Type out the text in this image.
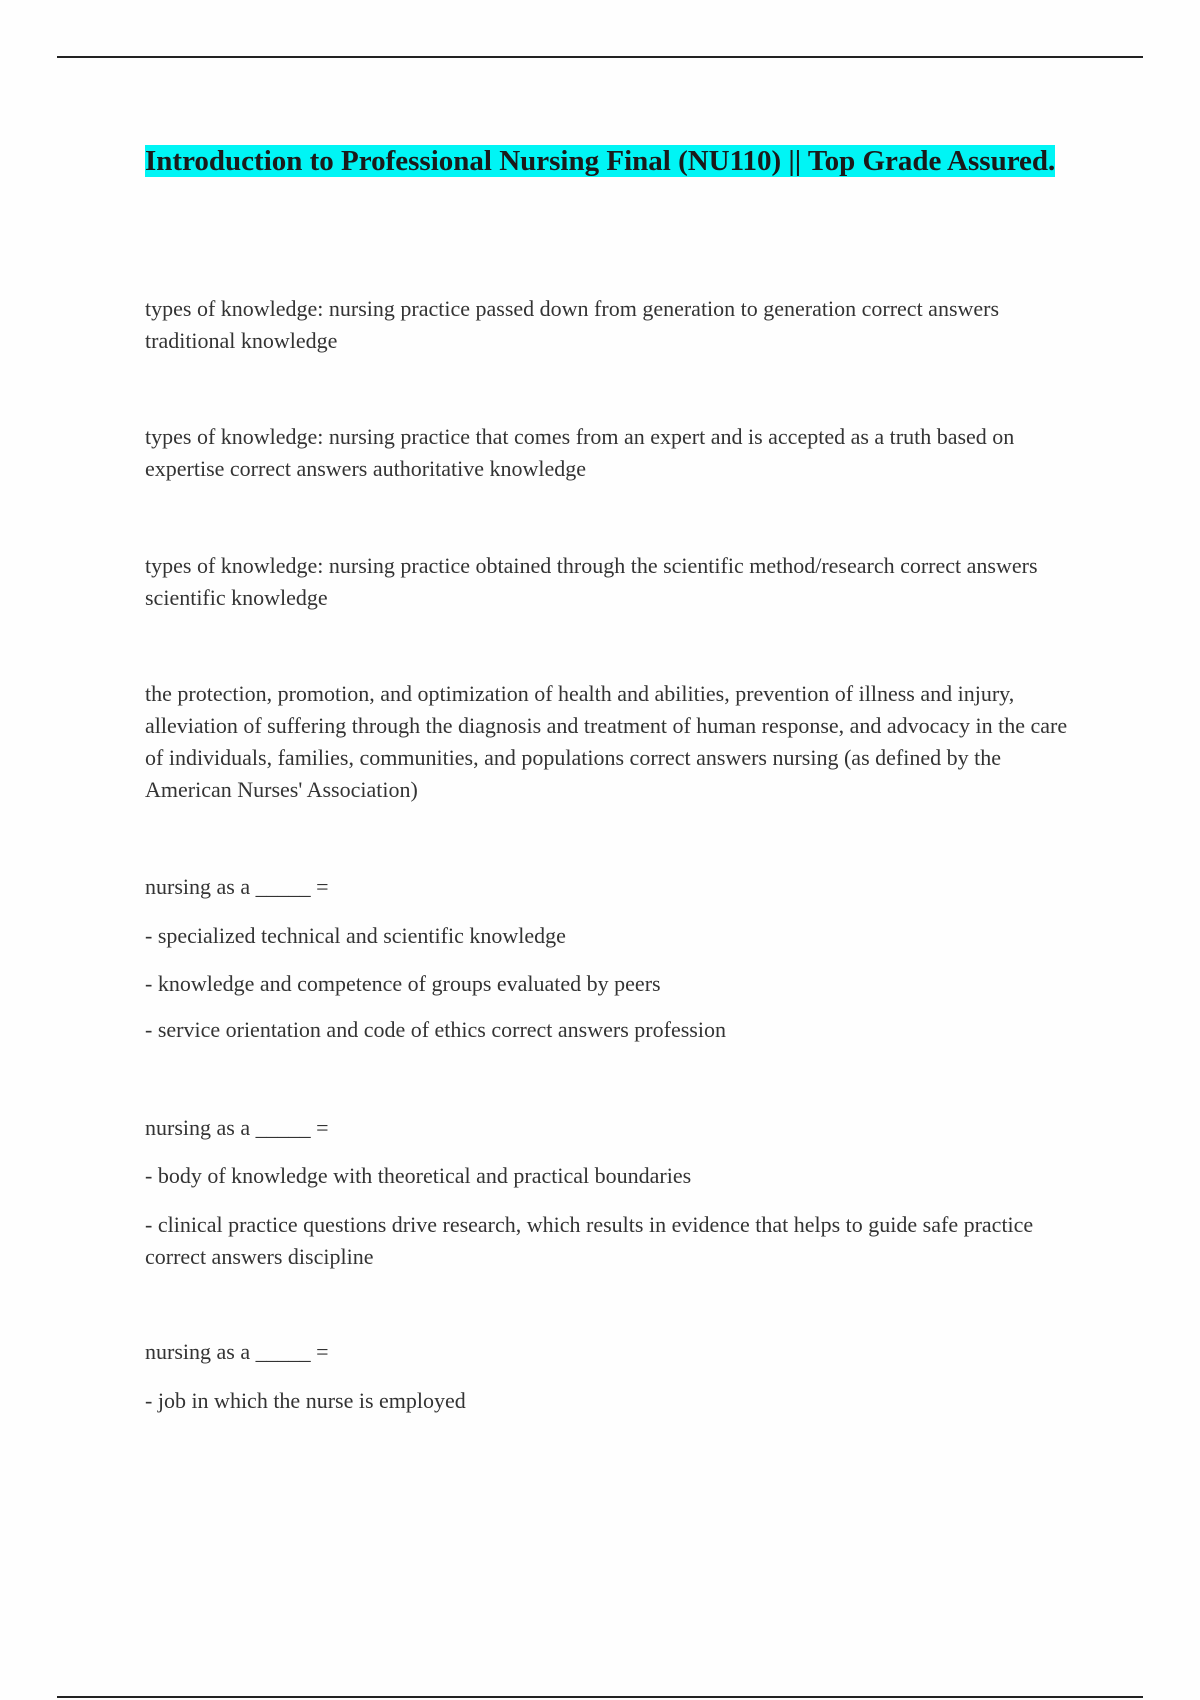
Introduction to Professional Nursing Final (NU110) || Top Grade Assured.

types of knowledge: nursing practice passed down from generation to generation correct answers traditional knowledge

types of knowledge: nursing practice that comes from an expert and is accepted as a truth based on expertise correct answers authoritative knowledge

types of knowledge: nursing practice obtained through the scientific method/research correct answers scientific knowledge

the protection, promotion, and optimization of health and abilities, prevention of illness and injury, alleviation of suffering through the diagnosis and treatment of human response, and advocacy in the care of individuals, families, communities, and populations correct answers nursing (as defined by the American Nurses' Association)

nursing as a _____ =

- specialized technical and scientific knowledge

- knowledge and competence of groups evaluated by peers

- service orientation and code of ethics correct answers profession

nursing as a _____ =

- body of knowledge with theoretical and practical boundaries

- clinical practice questions drive research, which results in evidence that helps to guide safe practice correct answers discipline

nursing as a _____ =

- job in which the nurse is employed
